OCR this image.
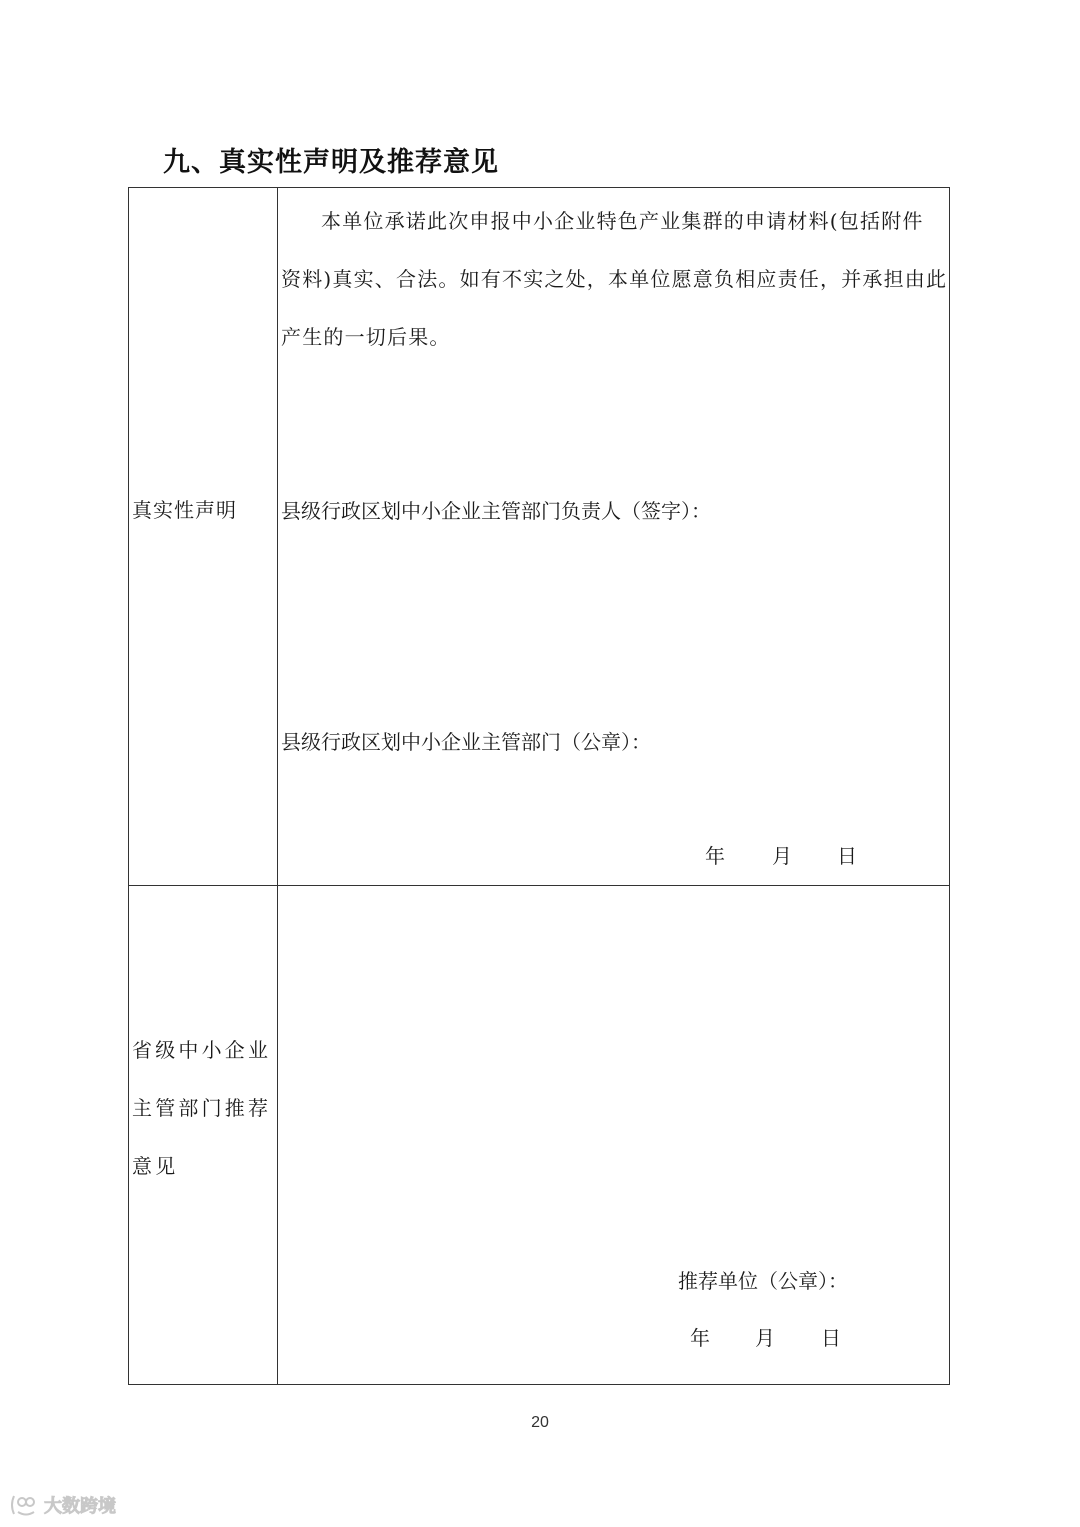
九、真实性声明及推荐意见
真实性声明
本单位承诺此次申报中小企业特色产业集群的申请材料(包括附件
资料)真实、合法。如有不实之处，本单位愿意负相应责任，并承担由此
产生的一切后果。
县级行政区划中小企业主管部门负责人（签字）：
县级行政区划中小企业主管部门（公章）：
年 月 日
省级中小企业
主管部门推荐
意见
推荐单位（公章）：
年 月 日
20
大数跨境
